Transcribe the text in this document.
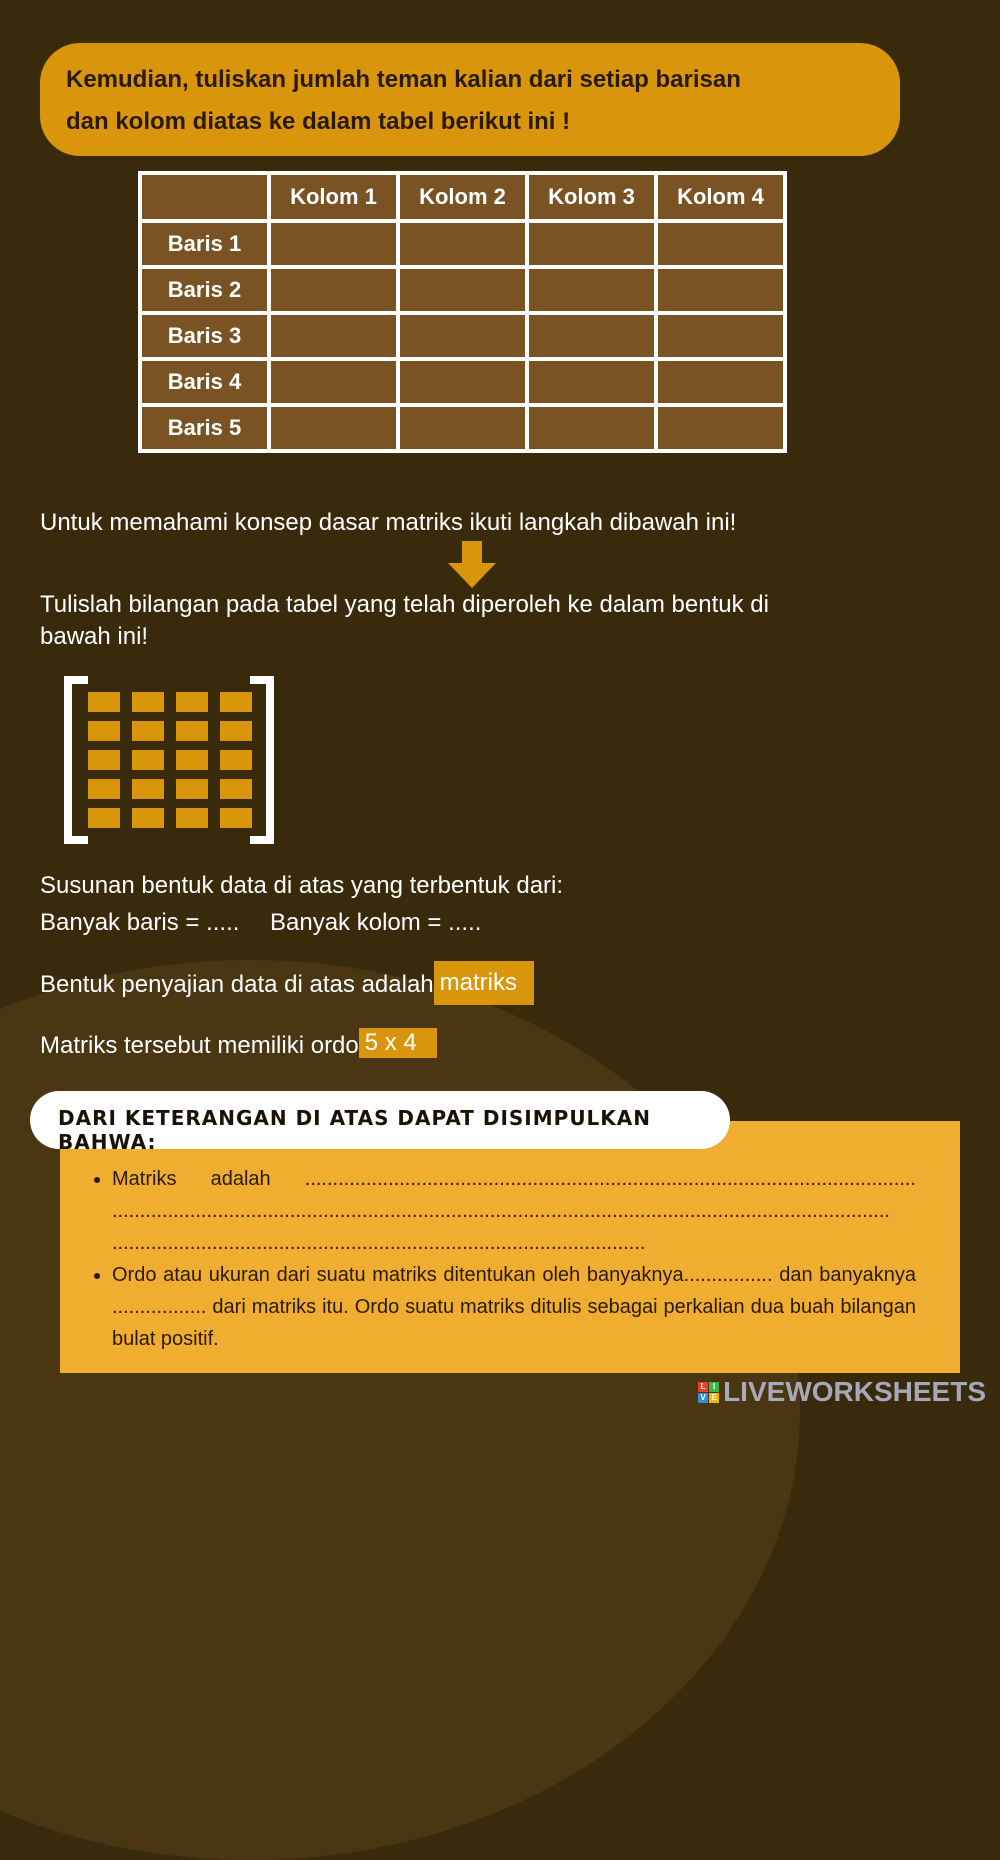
Kemudian, tuliskan jumlah teman kalian dari setiap barisan

dan kolom diatas ke dalam tabel berikut ini !

	Kolom 1	Kolom 2	Kolom 3	Kolom 4
Baris 1				
Baris 2				
Baris 3				
Baris 4				
Baris 5				
Untuk memahami konsep dasar matriks ikuti langkah dibawah ini!
Tulislah bilangan pada tabel yang telah diperoleh ke dalam bentuk di
bawah ini!
Susunan bentuk data di atas yang terbentuk dari:
Banyak baris = ..... Banyak kolom = .....
Bentuk penyajian data di atas adalah matriks
Matriks tersebut memiliki ordo 5 x 4
• Matriks adalah .............................................................................................................. ............................................................................................................................................ ................................................................................................
• Ordo atau ukuran dari suatu matriks ditentukan oleh banyaknya................ dan banyaknya ................. dari matriks itu. Ordo suatu matriks ditulis sebagai perkalian dua buah bilangan bulat positif.
DARI KETERANGAN DI ATAS DAPAT DISIMPULKAN BAHWA:
L I
V E LIVEWORKSHEETS
